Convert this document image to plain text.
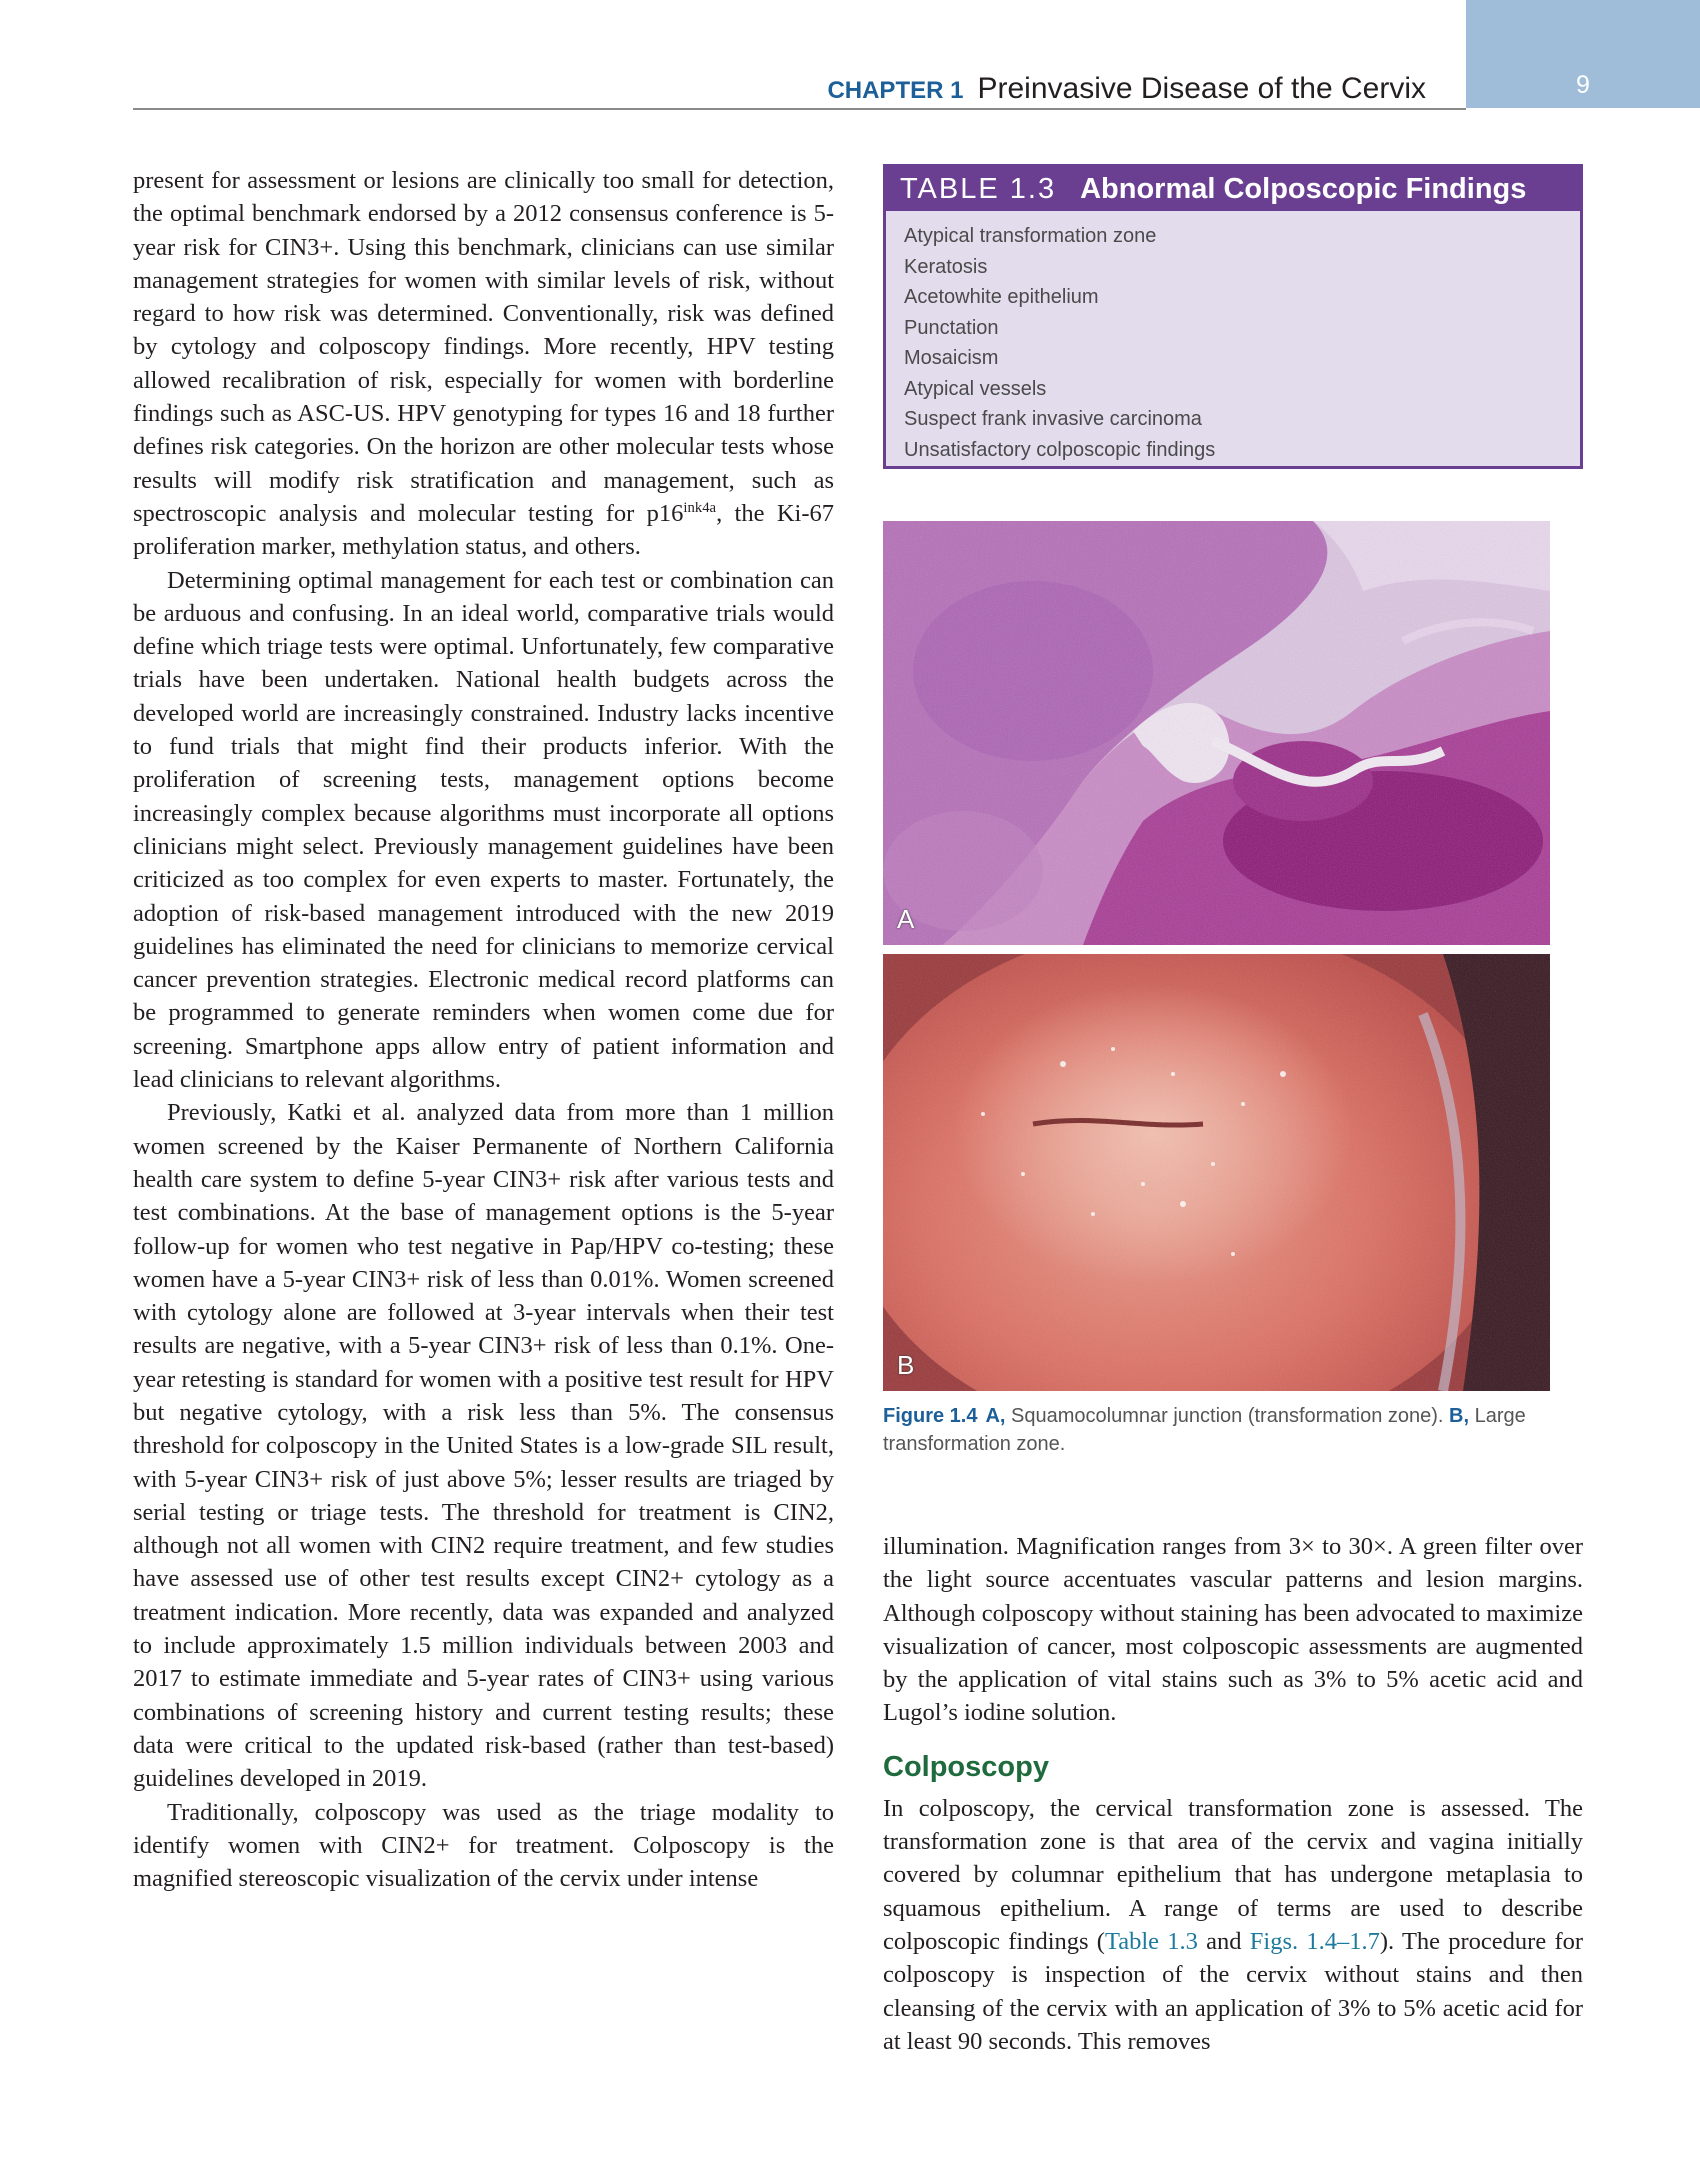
9
CHAPTER 1 Preinvasive Disease of the Cervix

present for assessment or lesions are clinically too small for detection, the optimal benchmark endorsed by a 2012 consensus conference is 5-year risk for CIN3+. Using this benchmark, clinicians can use similar management strategies for women with similar levels of risk, without regard to how risk was determined. Conventionally, risk was defined by cytology and colposcopy findings. More recently, HPV testing allowed recalibration of risk, especially for women with borderline findings such as ASC-US. HPV genotyping for types 16 and 18 further defines risk categories. On the horizon are other molecular tests whose results will modify risk stratification and management, such as spectroscopic analysis and molecular testing for $p16^{ink4a}$, the Ki-67 proliferation marker, methylation status, and others.

Determining optimal management for each test or combination can be arduous and confusing. In an ideal world, comparative trials would define which triage tests were optimal. Unfortunately, few comparative trials have been undertaken. National health budgets across the developed world are increasingly constrained. Industry lacks incentive to fund trials that might find their products inferior. With the proliferation of screening tests, management options become increasingly complex because algorithms must incorporate all options clinicians might select. Previously management guidelines have been criticized as too complex for even experts to master. Fortunately, the adoption of risk-based management introduced with the new 2019 guidelines has eliminated the need for clinicians to memorize cervical cancer prevention strategies. Electronic medical record platforms can be programmed to generate reminders when women come due for screening. Smartphone apps allow entry of patient information and lead clinicians to relevant algorithms.

Previously, Katki et al. analyzed data from more than 1 million women screened by the Kaiser Permanente of Northern California health care system to define 5-year CIN3+ risk after various tests and test combinations. At the base of management options is the 5-year follow-up for women who test negative in Pap/HPV co-testing; these women have a 5-year CIN3+ risk of less than 0.01%. Women screened with cytology alone are followed at 3-year intervals when their test results are negative, with a 5-year CIN3+ risk of less than 0.1%. One-year retesting is standard for women with a positive test result for HPV but negative cytology, with a risk less than 5%. The consensus threshold for colposcopy in the United States is a low-grade SIL result, with 5-year CIN3+ risk of just above 5%; lesser results are triaged by serial testing or triage tests. The threshold for treatment is CIN2, although not all women with CIN2 require treatment, and few studies have assessed use of other test results except CIN2+ cytology as a treatment indication. More recently, data was expanded and analyzed to include approximately 1.5 million individuals between 2003 and 2017 to estimate immediate and 5-year rates of CIN3+ using various combinations of screening history and current testing results; these data were critical to the updated risk-based (rather than test-based) guidelines developed in 2019.

Traditionally, colposcopy was used as the triage modality to identify women with CIN2+ for treatment. Colposcopy is the magnified stereoscopic visualization of the cervix under intense

TABLE 1.3 Abnormal Colposcopic Findings
Atypical transformation zone
Keratosis
Acetowhite epithelium
Punctation
Mosaicism
Atypical vessels
Suspect frank invasive carcinoma
Unsatisfactory colposcopic findings
A
B
Figure 1.4 A, Squamocolumnar junction (transformation zone). B, Large transformation zone.

illumination. Magnification ranges from 3× to 30×. A green filter over the light source accentuates vascular patterns and lesion margins. Although colposcopy without staining has been advocated to maximize visualization of cancer, most colposcopic assessments are augmented by the application of vital stains such as 3% to 5% acetic acid and Lugol’s iodine solution.

Colposcopy

In colposcopy, the cervical transformation zone is assessed. The transformation zone is that area of the cervix and vagina initially covered by columnar epithelium that has undergone metaplasia to squamous epithelium. A range of terms are used to describe colposcopic findings (Table 1.3 and Figs. 1.4–1.7). The procedure for colposcopy is inspection of the cervix without stains and then cleansing of the cervix with an application of 3% to 5% acetic acid for at least 90 seconds. This removes
